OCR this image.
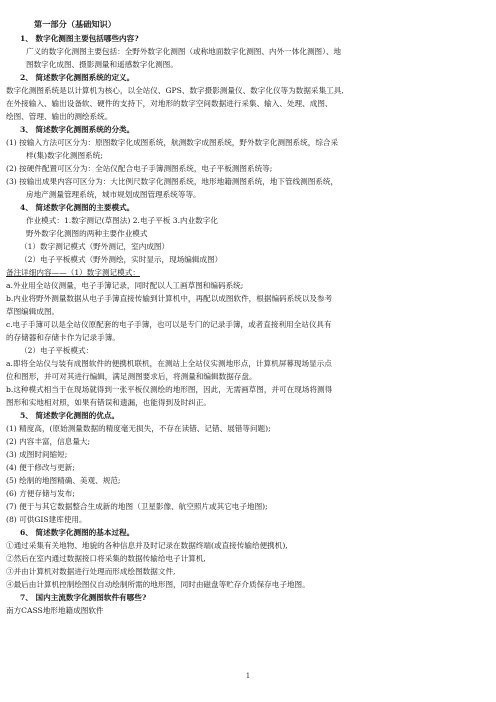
第一部分（基础知识）
1、 数字化测图主要包括哪些内容?
广义的数字化测图主要包括：全野外数字化测图（或称地面数字化测图、内外一体化测图）、地
图数字化成图、摄影测量和遥感数字化测图。
2、 简述数字化测图系统的定义。
数字化测图系统是以计算机为核心，以全站仪、GPS、数字摄影测量仪、数字化仪等为数据采集工具,
在外接输入、输出设备软、硬件的支持下，对地形的数字空间数据进行采集、输入、处理、成图、
绘图、管理、输出的测绘系统。
3、 简述数字化测图系统的分类。
(1) 按输入方法可区分为：原图数字化成图系统，航测数字成图系统，野外数字化测图系统，综合采
样(集)数字化测图系统;
(2) 按硬件配置可区分为：全站仪配合电子手簿测图系统，电子平板测图系统等;
(3) 按输出成果内容可区分为：大比例尺数字化测图系统，地形地籍测图系统，地下管线测图系统，
房地产测量管理系统，城市规划成图管理系统等等。
4、 简述数字化测图的主要模式。
作业模式：1.数字测记(草图法) 2.电子平板 3.内业数字化
野外数字化测图的两种主要作业模式
（1）数字测记模式（野外测记，室内成图）
（2）电子平板模式（野外测绘，实时显示，现场编辑成图）
备注详细内容——（1）数字测记模式：
a.外业用全站仪测量，电子手簿记录，同时配以人工画草图和编码系统;
b.内业将野外测量数据从电子手簿直接传输到计算机中，再配以成图软件，根据编码系统以及参考
草图编辑成图。
c.电子手簿可以是全站仪原配套的电子手簿，也可以是专门的记录手簿，或者直接利用全站仪具有
的存储器和存储卡作为记录手簿。
（2）电子平板模式：
a.即将全站仪与装有成图软件的便携机联机，在测站上全站仪实测地形点，计算机屏幕现场显示点
位和图形，并可对其进行编辑，满足测图要求后，将测量和编辑数据存盘。
b.这种模式相当于在现场就得到一张平板仪测绘的地形图，因此，无需画草图，并可在现场将测得
图形和实地相对照，如果有错误和遗漏，也能得到及时纠正。
5、 简述数字化测图的优点。
(1) 精度高，(原始测量数据的精度毫无损失，不存在读错、记错、展错等问题);
(2) 内容丰富，信息量大;
(3) 成图时间缩短;
(4) 便于修改与更新;
(5) 绘制的地图精确、美观、规范;
(6) 方便存储与发布;
(7) 便于与其它数据整合生成新的地图（卫星影像、航空照片或其它电子地图);
(8) 可供GIS建库使用。
6、 简述数字化测图的基本过程。
①通过采集有关地物、地貌的各种信息并及时记录在数据终端(或直接传输给便携机),
②然后在室内通过数据接口将采集的数据传输给电子计算机,
③并由计算机对数据进行处理而形成绘图数据文件,
④最后由计算机控制绘图仪自动绘制所需的地形图，同时由磁盘等贮存介质保存电子地图。
7、 国内主流数字化测图软件有哪些?
南方CASS地形地籍成图软件
1
